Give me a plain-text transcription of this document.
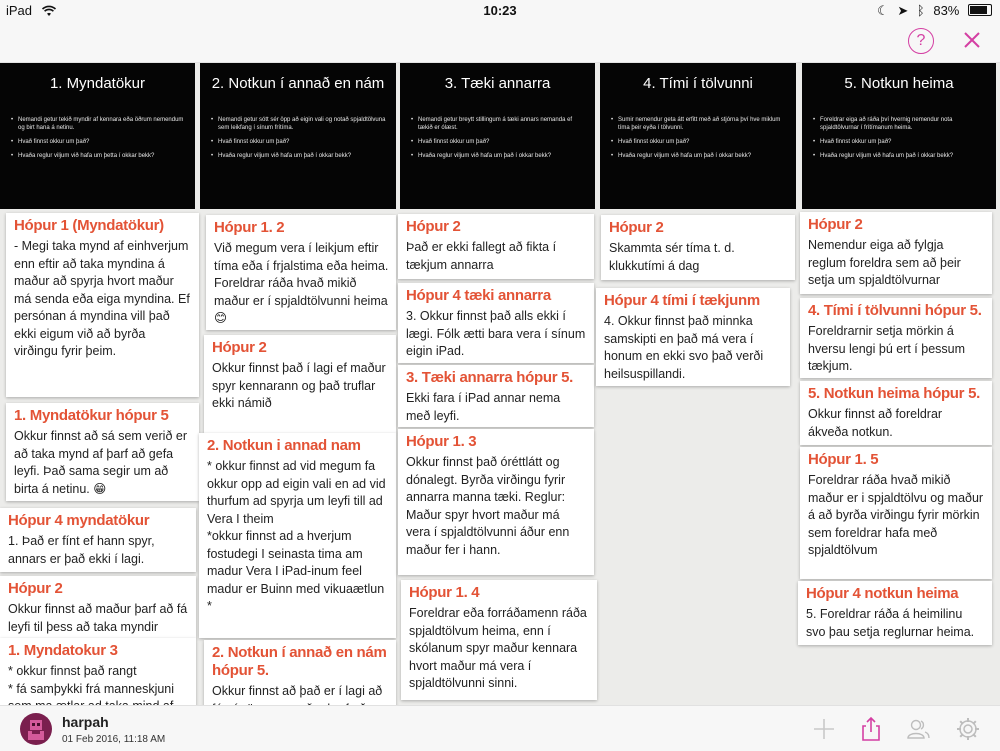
iPad	10:23	☾ ➤ ᛒ 83%
?
1. Myndatökur
• Nemandi getur tekið myndir af kennara eða öðrum nemendum og birt hana á netinu.
• Hvað finnst okkur um það?
• Hvaða reglur viljum við hafa um þetta í okkar bekk?
2. Notkun í annað en nám
• Nemandi getur sótt sér öpp að eigin vali og notað spjaldtölvuna sem leikfang í sínum frítíma.
• Hvað finnst okkur um það?
• Hvaða reglur viljum við hafa um það í okkar bekk?
3. Tæki annarra
• Nemandi getur breytt stillingum á tæki annars nemanda ef tækið er ólæst.
• Hvað finnst okkur um það?
• Hvaða reglur viljum við hafa um það í okkar bekk?
4. Tími í tölvunni
• Sumir nemendur geta átt erfitt með að stjórna því hve miklum tíma þeir eyða í tölvunni.
• Hvað finnst okkur um það?
• Hvaða reglur viljum við hafa um það í okkar bekk?
5. Notkun heima
• Foreldrar eiga að ráða því hvernig nemendur nota spjaldtölvurnar í frítímanum heima.
• Hvað finnst okkur um það?
• Hvaða reglur viljum við hafa um það í okkar bekk?
Hópur 1 (Myndatökur)
- Megi taka mynd af einhverjum enn eftir að taka myndina á maður að spyrja hvort maður má senda eða eiga myndina. Ef persónan á myndina vill það ekki eigum við að byrða virðingu fyrir þeim.
1. Myndatökur hópur 5
Okkur finnst að sá sem verið er að taka mynd af þarf að gefa leyfi. Það sama segir um að birta á netinu. 😁
Hópur 4 myndatökur
1. Það er fínt ef hann spyr, annars er það ekki í lagi.
Hópur 2
Okkur finnst að maður þarf að fá leyfi til þess að taka myndir
1. Myndatokur 3
* okkur finnst það rangt
* fá samþykki frá manneskjuni
Hópur 1. 2
Við megum vera í leikjum eftir tíma eða í frjalstima eða heima. Foreldrar ráða hvað mikið maður er í spjaldtölvunni heima😊
Hópur 2
Okkur finnst það í lagi ef maður spyr kennarann og það truflar ekki námið
2. Notkun i annad nam
* okkur finnst ad vid megum fa okkur opp ad eigin vali en ad vid thurfum ad spyrja um leyfi till ad Vera I theim
*okkur finnst ad a hverjum fostudegi I seinasta tima am madur Vera I iPad-inum feel madur er Buinn med vikuaætlun
*
2. Notkun í annað en nám
hópur 5.
Okkur finnst að það er í lagi að
Hópur 2
Það er ekki fallegt að fikta í tækjum annarra
Hópur 4 tæki annarra
3. Okkur finnst það alls ekki í lægi. Fólk ætti bara vera í sínum eigin iPad.
3. Tæki annarra hópur 5.
Ekki fara í iPad annar nema með leyfi.
Hópur 1. 3
Okkur finnst það óréttlátt og dónalegt. Byrða virðingu fyrir annarra manna tæki. Reglur: Maður spyr hvort maður má vera í spjaldtölvunni áður enn maður fer i hann.
Hópur 1. 4
Foreldrar eða forráðamenn ráða spjaldtölvum heima, enn í skólanum spyr maður kennara hvort maður má vera í spjaldtölvunni sinni.
Hópur 2
Skammta sér tíma t. d. klukkutími á dag
Hópur 4 tími í tækjunm
4. Okkur finnst það minnka samskipti en það má vera í honum en ekki svo það verði heilsuspillandi.
Hópur 2
Nemendur eiga að fylgja reglum foreldra sem að þeir setja um spjaldtölvurnar
4. Tími í tölvunni hópur 5.
Foreldrarnir setja mörkin á hversu lengi þú ert í þessum tækjum.
5. Notkun heima hópur 5.
Okkur finnst að foreldrar ákveða notkun.
Hópur 1. 5
Foreldrar ráða hvað mikið maður er i spjaldtölvu og maður á að byrða virðingu fyrir mörkin sem foreldrar hafa með spjaldtölvum
Hópur 4 notkun heima
5. Foreldrar ráða á heimilinu svo þau setja reglurnar heima.
harpah
01 Feb 2016, 11:18 AM
